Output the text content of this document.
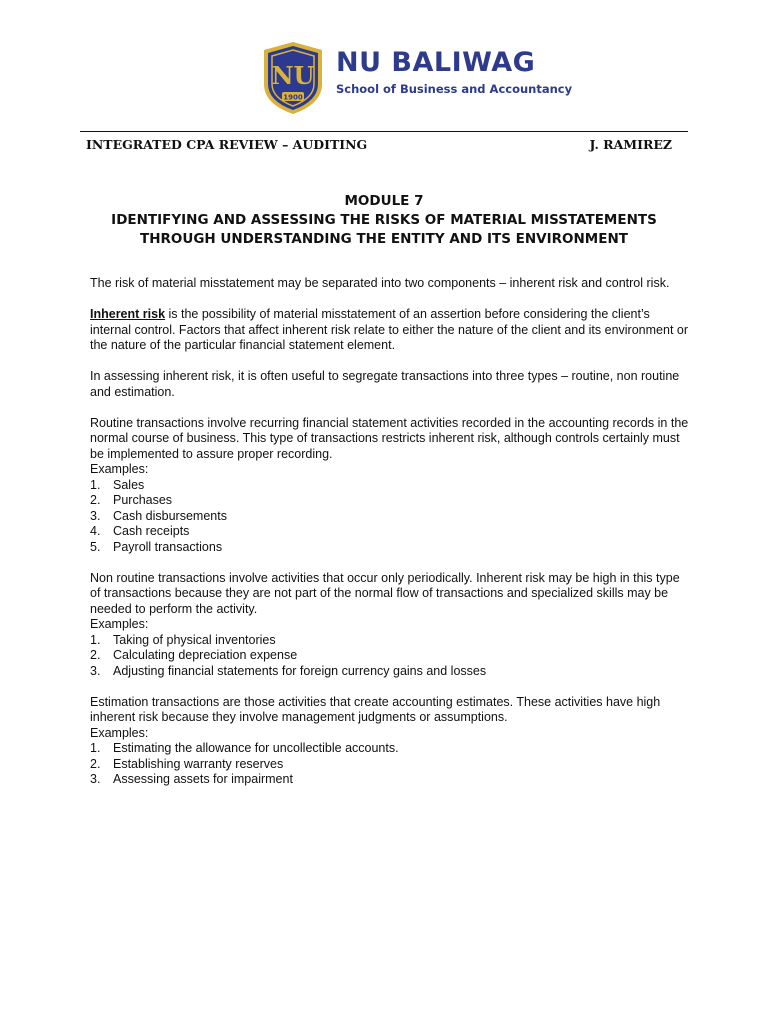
NU
1900
NU BALIWAG
School of Business and Accountancy
INTEGRATED CPA REVIEW – AUDITING	J. RAMIREZ
MODULE 7
IDENTIFYING AND ASSESSING THE RISKS OF MATERIAL MISSTATEMENTS
THROUGH UNDERSTANDING THE ENTITY AND ITS ENVIRONMENT

The risk of material misstatement may be separated into two components – inherent risk and control risk.

Inherent risk is the possibility of material misstatement of an assertion before considering the client’s internal control. Factors that affect inherent risk relate to either the nature of the client and its environment or the nature of the particular financial statement element.

In assessing inherent risk, it is often useful to segregate transactions into three types – routine, non routine and estimation.

Routine transactions involve recurring financial statement activities recorded in the accounting records in the normal course of business. This type of transactions restricts inherent risk, although controls certainly must be implemented to assure proper recording.

Examples:
1.	Sales
2.	Purchases
3.	Cash disbursements
4.	Cash receipts
5.	Payroll transactions

Non routine transactions involve activities that occur only periodically. Inherent risk may be high in this type of transactions because they are not part of the normal flow of transactions and specialized skills may be needed to perform the activity.

Examples:
1.	Taking of physical inventories
2.	Calculating depreciation expense
3.	Adjusting financial statements for foreign currency gains and losses

Estimation transactions are those activities that create accounting estimates. These activities have high inherent risk because they involve management judgments or assumptions.

Examples:
1.	Estimating the allowance for uncollectible accounts.
2.	Establishing warranty reserves
3.	Assessing assets for impairment
